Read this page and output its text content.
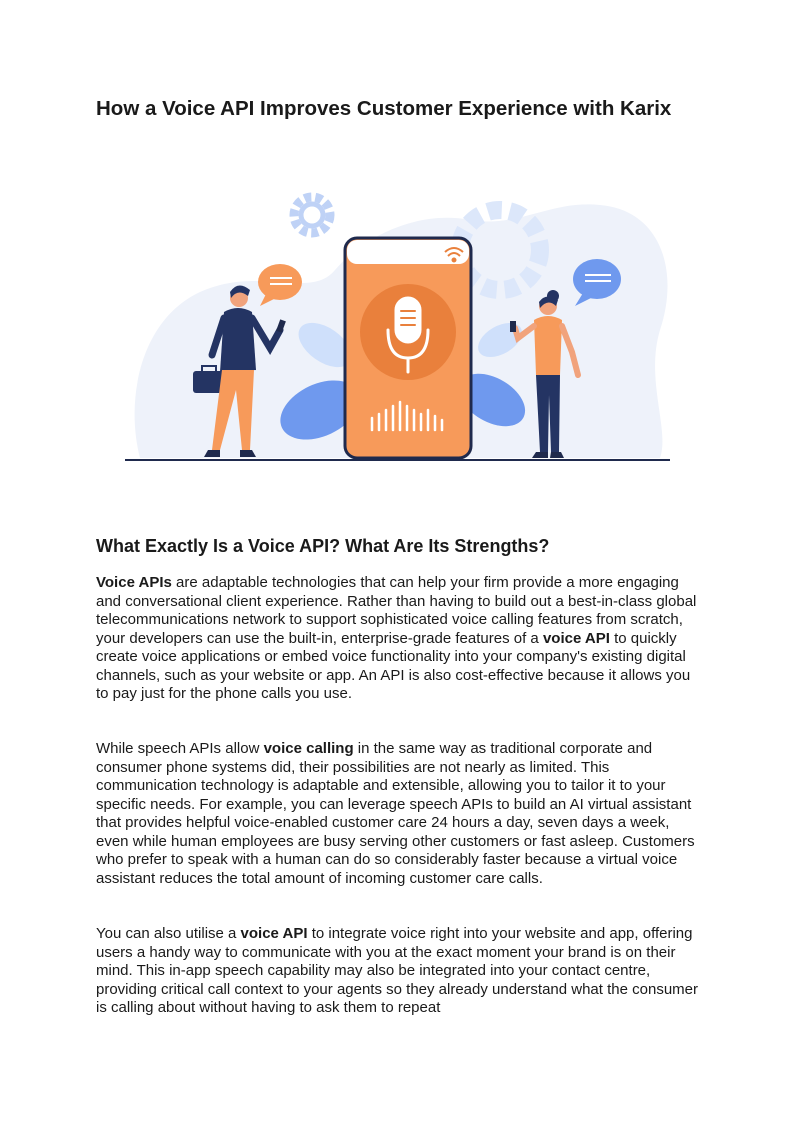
How a Voice API Improves Customer Experience with Karix
What Exactly Is a Voice API? What Are Its Strengths?

Voice APIs are adaptable technologies that can help your firm provide a more engaging and conversational client experience. Rather than having to build out a best-in-class global telecommunications network to support sophisticated voice calling features from scratch, your developers can use the built-in, enterprise-grade features of a voice API to quickly create voice applications or embed voice functionality into your company's existing digital channels, such as your website or app. An API is also cost-effective because it allows you to pay just for the phone calls you use.

While speech APIs allow voice calling in the same way as traditional corporate and consumer phone systems did, their possibilities are not nearly as limited. This communication technology is adaptable and extensible, allowing you to tailor it to your specific needs. For example, you can leverage speech APIs to build an AI virtual assistant that provides helpful voice-enabled customer care 24 hours a day, seven days a week, even while human employees are busy serving other customers or fast asleep. Customers who prefer to speak with a human can do so considerably faster because a virtual voice assistant reduces the total amount of incoming customer care calls.

You can also utilise a voice API to integrate voice right into your website and app, offering users a handy way to communicate with you at the exact moment your brand is on their mind. This in-app speech capability may also be integrated into your contact centre, providing critical call context to your agents so they already understand what the consumer is calling about without having to ask them to repeat
